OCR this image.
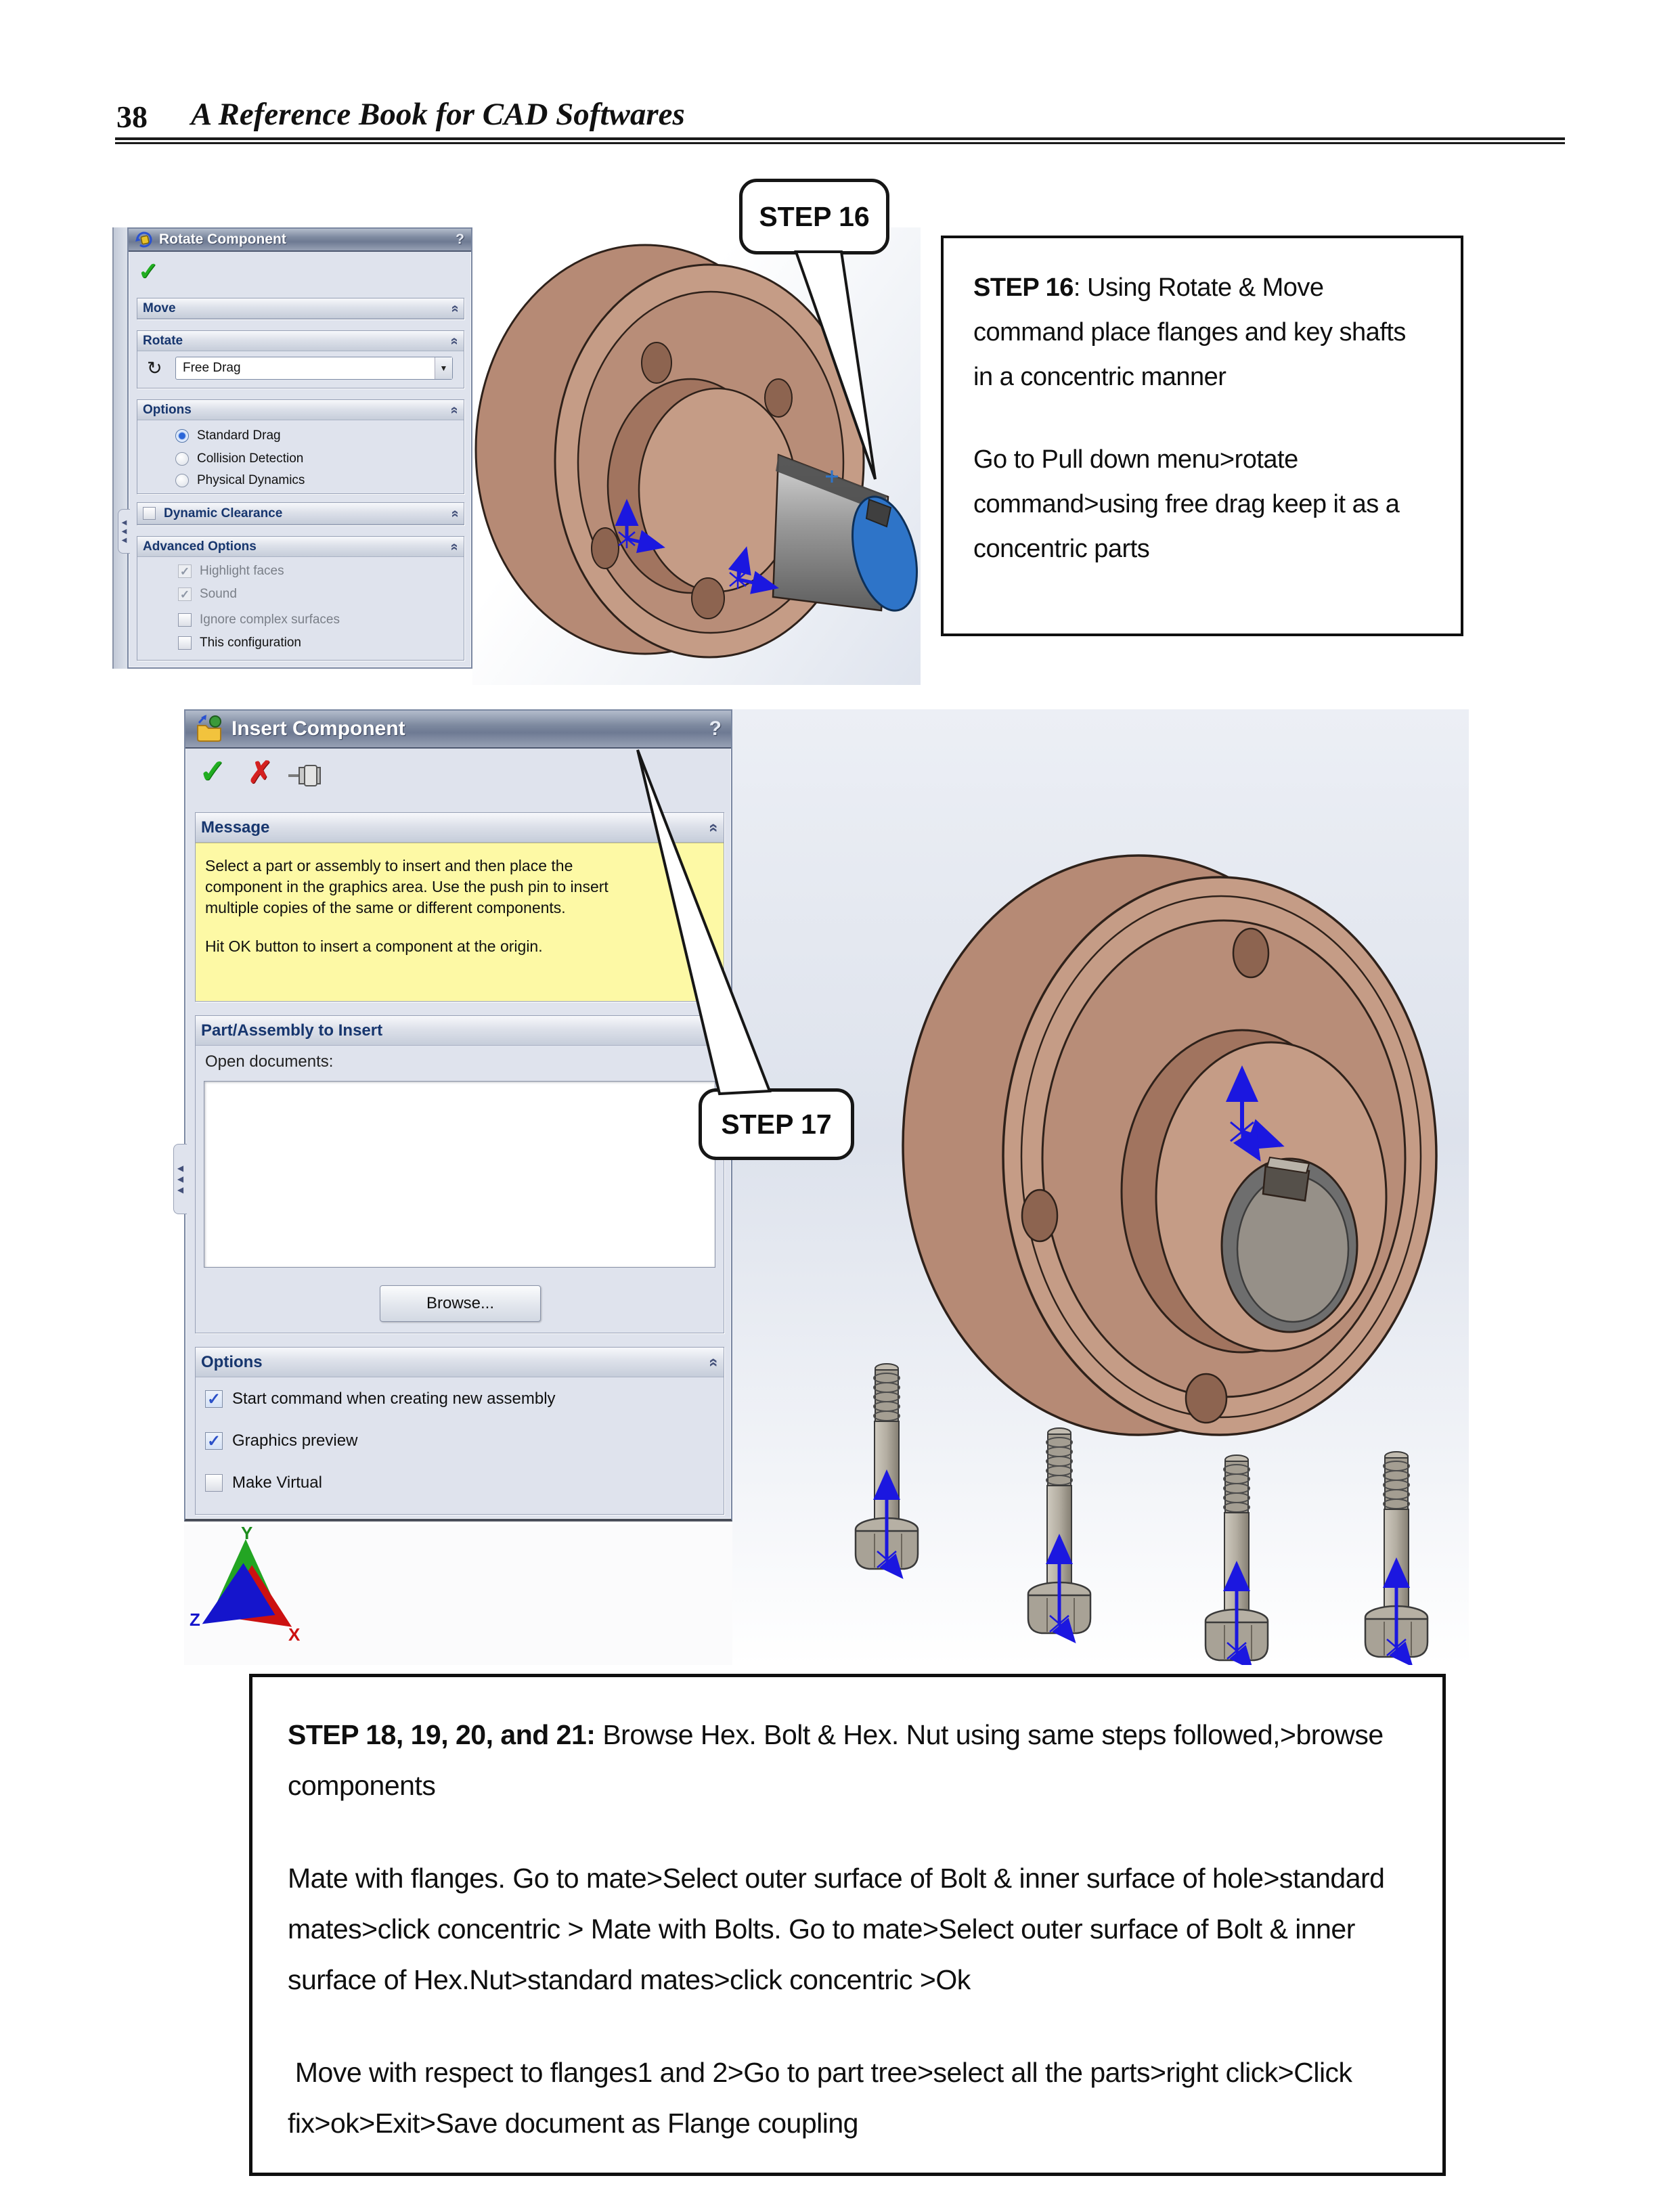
38 A Reference Book for CAD Softwares
Rotate Component	?
✓
Move	»
Rotate	«
↻ Free Drag	▼
Options	«
Standard Drag
Collision Detection
Physical Dynamics
Dynamic Clearance	»
Advanced Options	«
✓ Highlight faces
✓ Sound
Ignore complex surfaces
This configuration
◀
◀
◀
STEP 16: Using Rotate & Move command place flanges and key shafts in a concentric manner
Go to Pull down menu>rotate command>using free drag keep it as a concentric parts
STEP 16
Insert Component	?
✓ ✗
Message	«
Select a part or assembly to insert and then place the
component in the graphics area. Use the push pin to insert
multiple copies of the same or different components.
Hit OK button to insert a component at the origin.
Part/Assembly to Insert
Open documents:
Browse...
Options	«
✓ Start command when creating new assembly
✓ Graphics preview
Make Virtual
◀
◀
◀
STEP 17
Y
X
Z
STEP 18, 19, 20, and 21: Browse Hex. Bolt & Hex. Nut using same steps followed,>browse components
Mate with flanges. Go to mate>Select outer surface of Bolt & inner surface of hole>standard mates>click concentric > Mate with Bolts. Go to mate>Select outer surface of Bolt & inner surface of Hex.Nut>standard mates>click concentric >Ok
Move with respect to flanges1 and 2>Go to part tree>select all the parts>right click>Click fix>ok>Exit>Save document as Flange coupling
